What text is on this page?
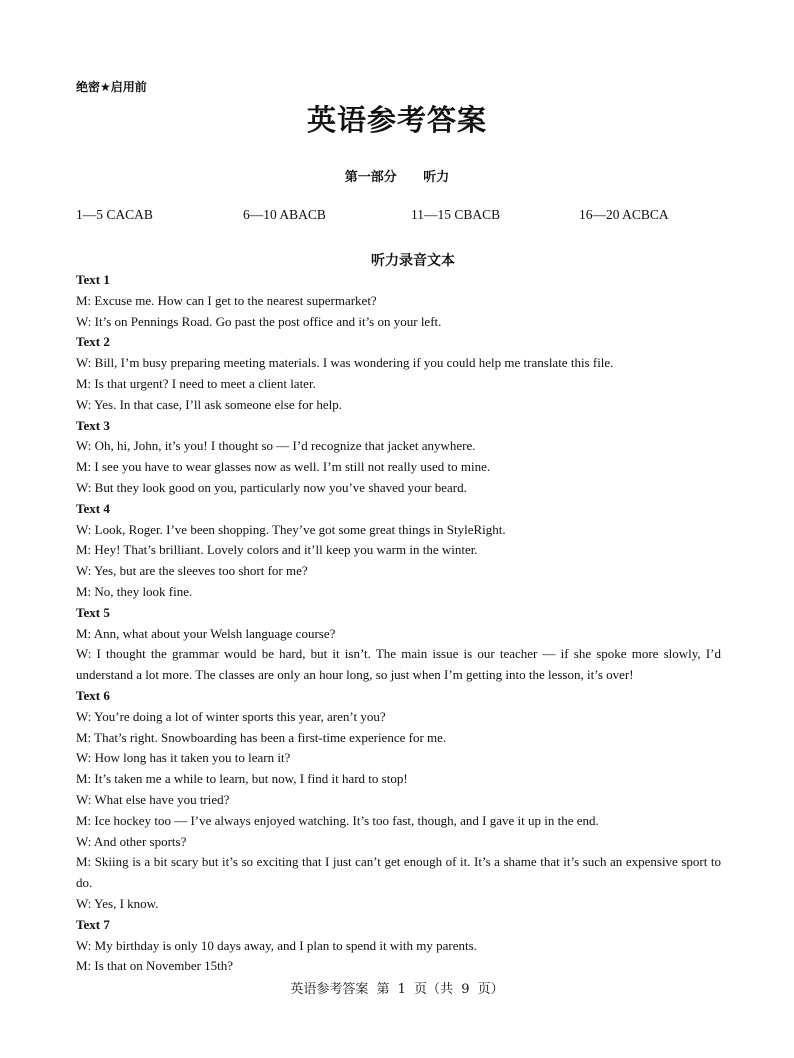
绝密★启用前
英语参考答案
第一部分 听力
1—5 CACAB	6—10 ABACB	11—15 CBACB	16—20 ACBCA
听力录音文本
Text 1
M: Excuse me. How can I get to the nearest supermarket?
W: It’s on Pennings Road. Go past the post office and it’s on your left.
Text 2
W: Bill, I’m busy preparing meeting materials. I was wondering if you could help me translate this file.
M: Is that urgent? I need to meet a client later.
W: Yes. In that case, I’ll ask someone else for help.
Text 3
W: Oh, hi, John, it’s you! I thought so — I’d recognize that jacket anywhere.
M: I see you have to wear glasses now as well. I’m still not really used to mine.
W: But they look good on you, particularly now you’ve shaved your beard.
Text 4
W: Look, Roger. I’ve been shopping. They’ve got some great things in StyleRight.
M: Hey! That’s brilliant. Lovely colors and it’ll keep you warm in the winter.
W: Yes, but are the sleeves too short for me?
M: No, they look fine.
Text 5
M: Ann, what about your Welsh language course?
W: I thought the grammar would be hard, but it isn’t. The main issue is our teacher — if she spoke more slowly, I’d understand a lot more. The classes are only an hour long, so just when I’m getting into the lesson, it’s over!
Text 6
W: You’re doing a lot of winter sports this year, aren’t you?
M: That’s right. Snowboarding has been a first-time experience for me.
W: How long has it taken you to learn it?
M: It’s taken me a while to learn, but now, I find it hard to stop!
W: What else have you tried?
M: Ice hockey too — I’ve always enjoyed watching. It’s too fast, though, and I gave it up in the end.
W: And other sports?
M: Skiing is a bit scary but it’s so exciting that I just can’t get enough of it. It’s a shame that it’s such an expensive sport to do.
W: Yes, I know.
Text 7
W: My birthday is only 10 days away, and I plan to spend it with my parents.
M: Is that on November 15th?
英语参考答案 第 1 页（共 9 页）
